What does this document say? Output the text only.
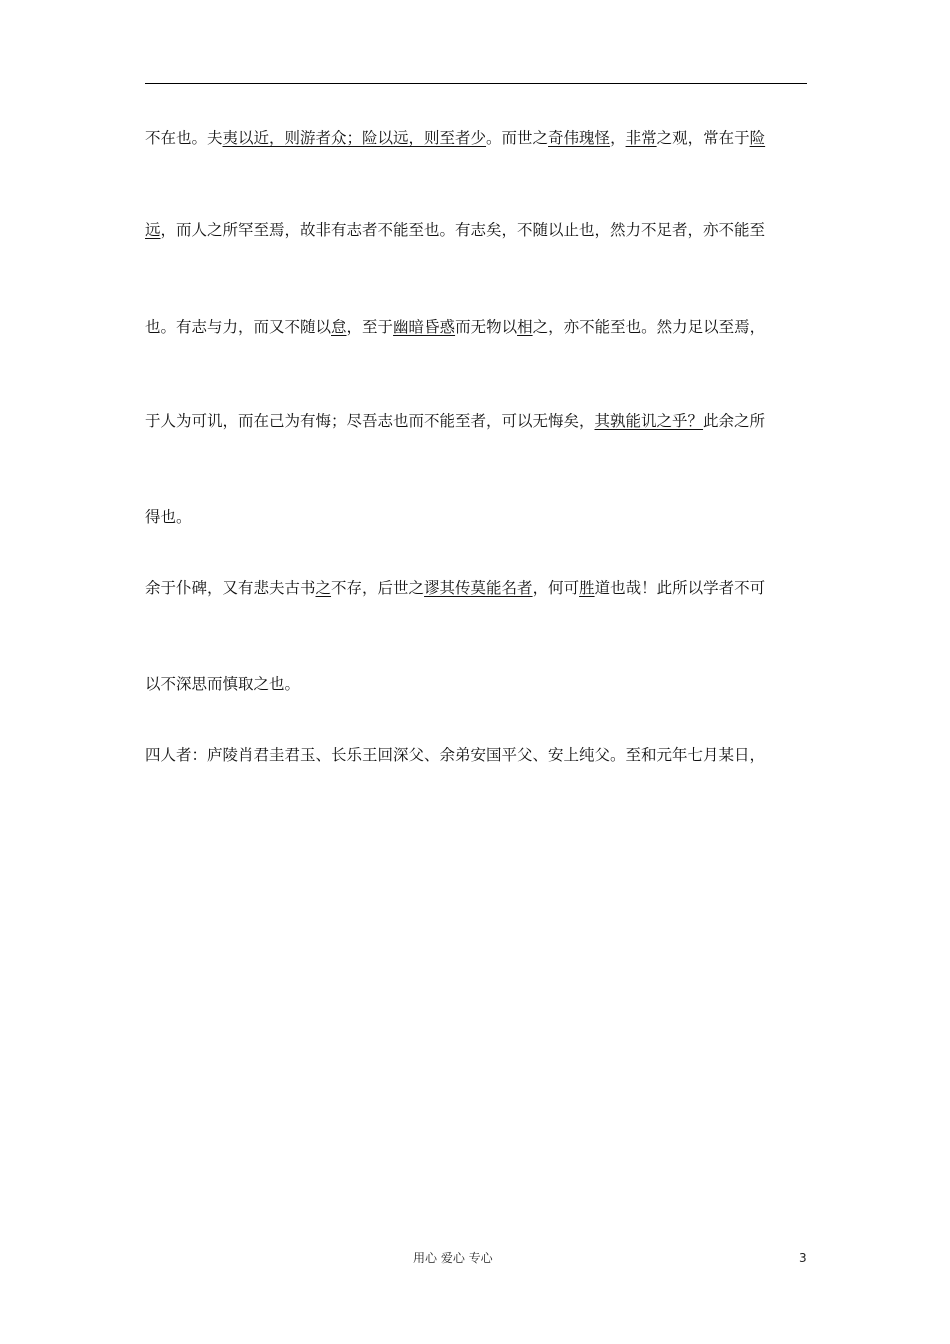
不在也。夫夷以近，则游者众；险以远，则至者少。而世之奇伟瑰怪，非常之观，常在于险
远，而人之所罕至焉，故非有志者不能至也。有志矣，不随以止也，然力不足者，亦不能至
也。有志与力，而又不随以怠，至于幽暗昏惑而无物以相之，亦不能至也。然力足以至焉，
于人为可讥，而在己为有悔；尽吾志也而不能至者，可以无悔矣，其孰能讥之乎？此余之所
得也。
余于仆碑，又有悲夫古书之不存，后世之谬其传莫能名者，何可胜道也哉！此所以学者不可
以不深思而慎取之也。
四人者：庐陵肖君圭君玉、长乐王回深父、余弟安国平父、安上纯父。至和元年七月某日，
用心 爱心 专心	3
